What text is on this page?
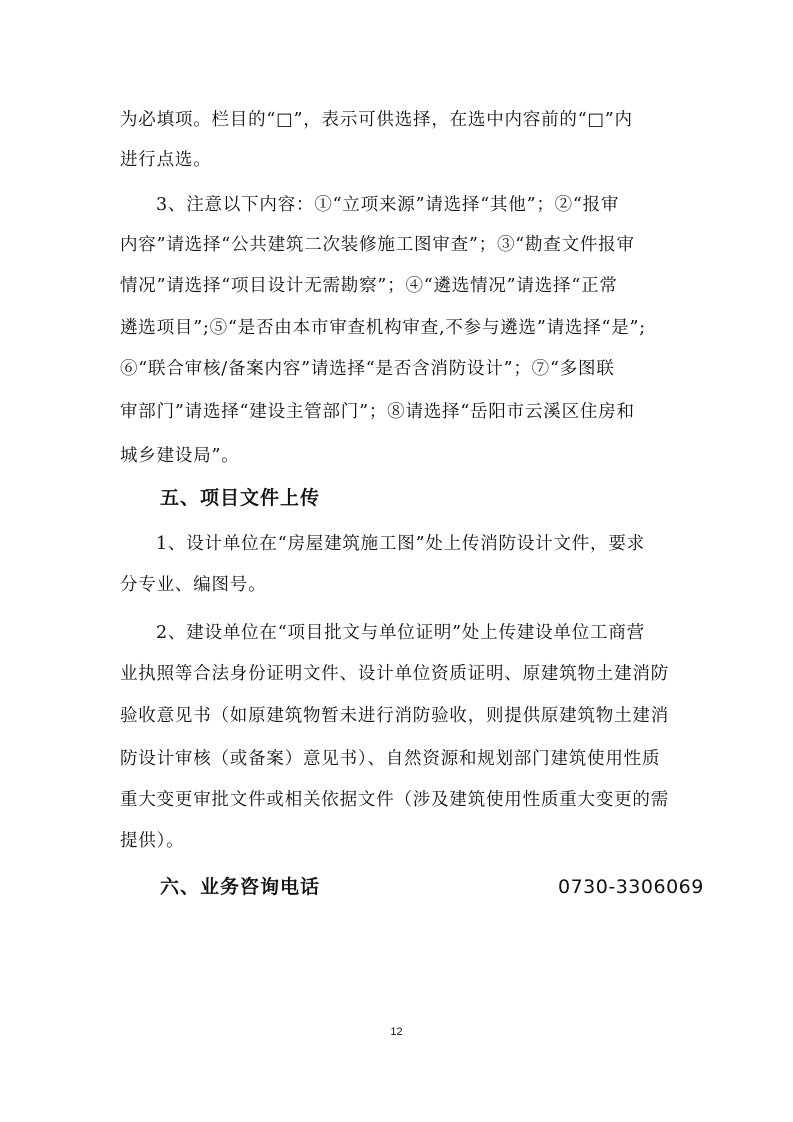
为必填项。栏目的“□”，表示可供选择，在选中内容前的“□”内
进行点选。
3、注意以下内容：①“立项来源”请选择“其他”；②“报审
内容”请选择“公共建筑二次装修施工图审查”；③“勘查文件报审
情况”请选择“项目设计无需勘察”；④“遴选情况”请选择“正常
遴选项目”;⑤“是否由本市审查机构审查,不参与遴选”请选择“是”;
⑥“联合审核/备案内容”请选择“是否含消防设计”；⑦“多图联
审部门”请选择“建设主管部门”；⑧请选择“岳阳市云溪区住房和
城乡建设局”。
五、项目文件上传
1、设计单位在“房屋建筑施工图”处上传消防设计文件，要求
分专业、编图号。
2、建设单位在“项目批文与单位证明”处上传建设单位工商营
业执照等合法身份证明文件、设计单位资质证明、原建筑物土建消防
验收意见书（如原建筑物暂未进行消防验收，则提供原建筑物土建消
防设计审核（或备案）意见书）、自然资源和规划部门建筑使用性质
重大变更审批文件或相关依据文件（涉及建筑使用性质重大变更的需
提供）。
六、业务咨询电话	0730-3306069
12
